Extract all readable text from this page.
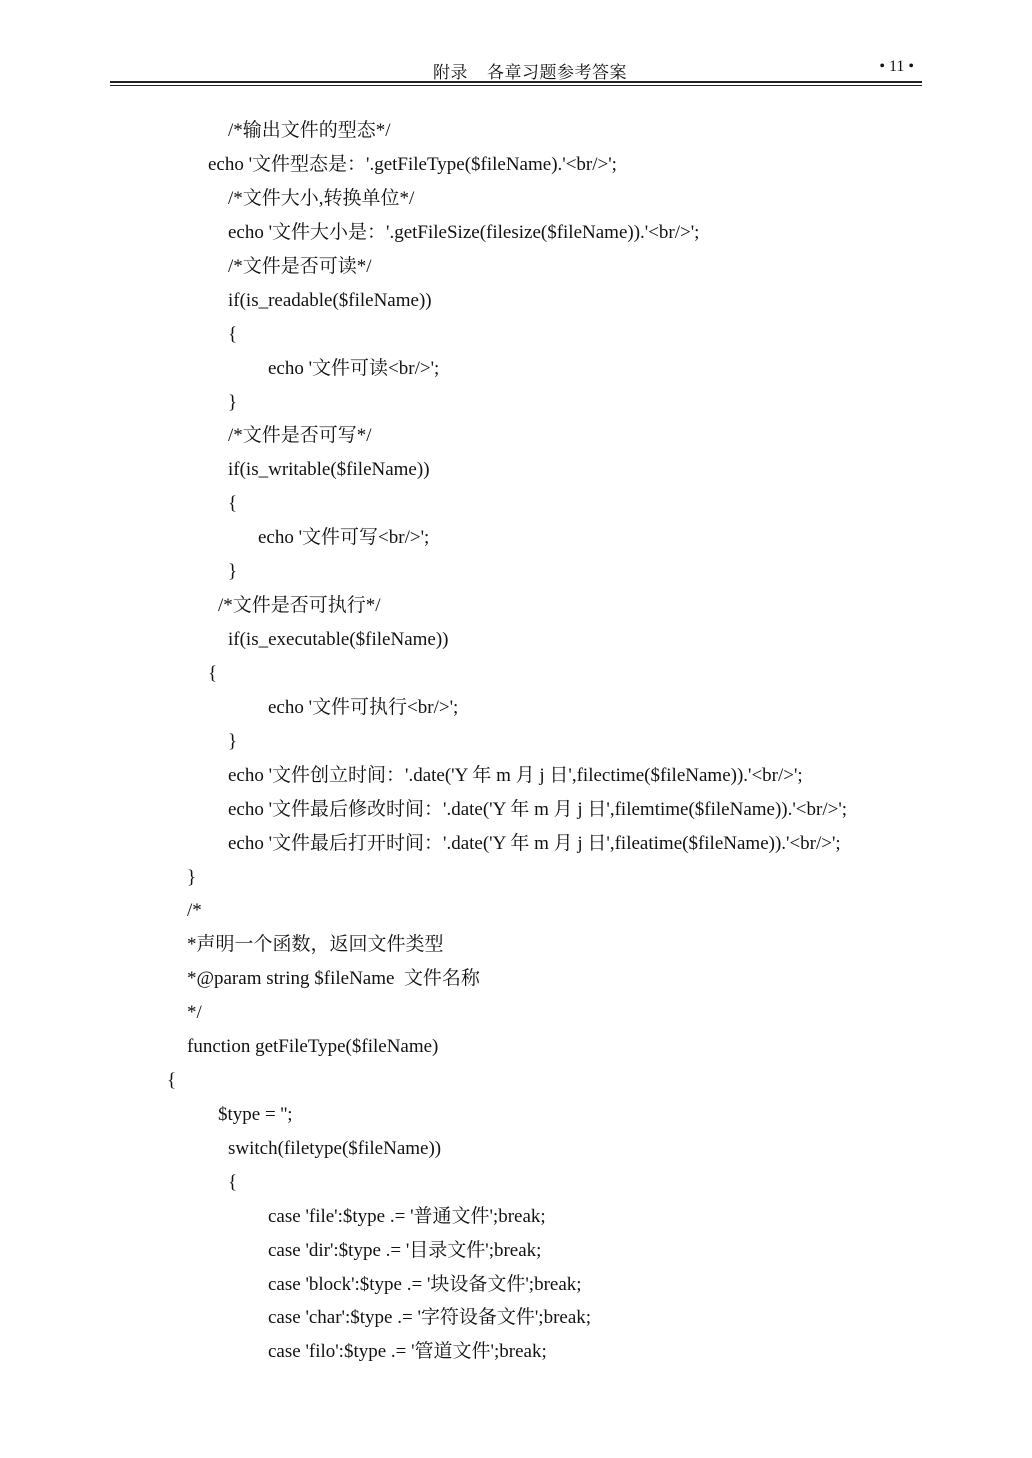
附录    各章习题参考答案	• 11 •
/*输出文件的型态*/
echo '文件型态是：'.getFileType($fileName).'<br/>';
/*文件大小,转换单位*/
echo '文件大小是：'.getFileSize(filesize($fileName)).'<br/>';
/*文件是否可读*/
if(is_readable($fileName))
{
echo '文件可读<br/>';
}
/*文件是否可写*/
if(is_writable($fileName))
{
echo '文件可写<br/>';
}
/*文件是否可执行*/
if(is_executable($fileName))
{
echo '文件可执行<br/>';
}
echo '文件创立时间：'.date('Y 年 m 月 j 日',filectime($fileName)).'<br/>';
echo '文件最后修改时间：'.date('Y 年 m 月 j 日',filemtime($fileName)).'<br/>';
echo '文件最后打开时间：'.date('Y 年 m 月 j 日',fileatime($fileName)).'<br/>';
}
/*
*声明一个函数，返回文件类型
*@param string $fileName  文件名称
*/
function getFileType($fileName)
{
$type = '';
switch(filetype($fileName))
{
case 'file':$type .= '普通文件';break;
case 'dir':$type .= '目录文件';break;
case 'block':$type .= '块设备文件';break;
case 'char':$type .= '字符设备文件';break;
case 'filo':$type .= '管道文件';break;
